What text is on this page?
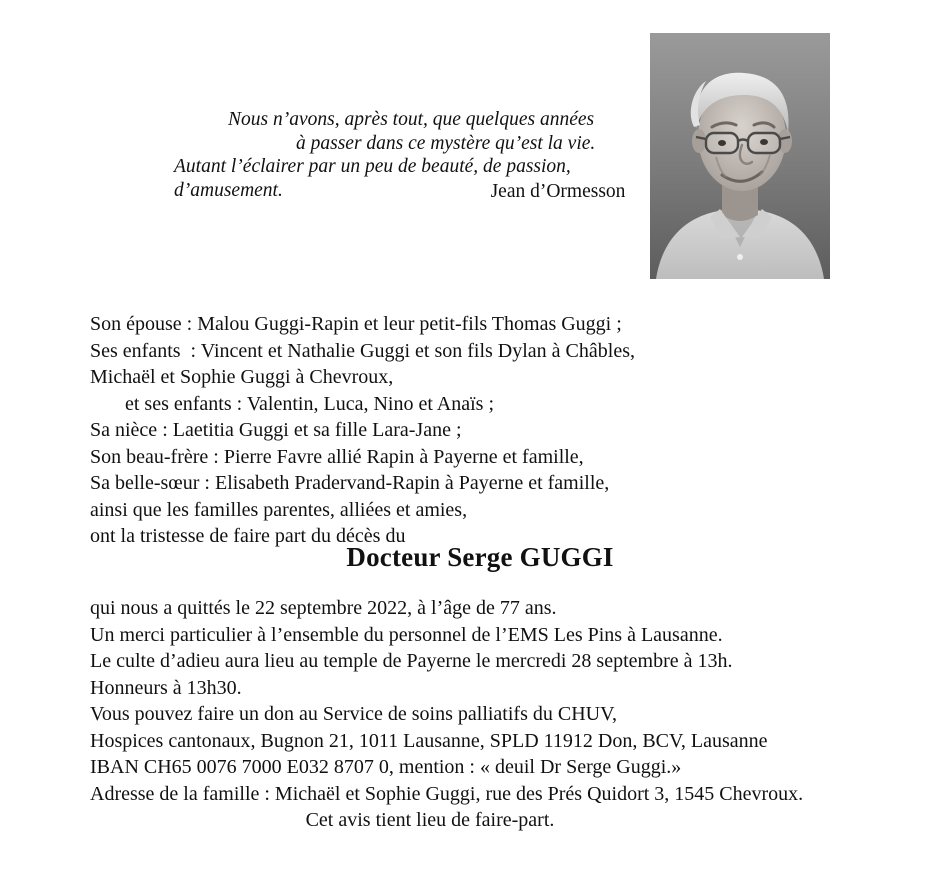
Nous n’avons, après tout, que quelques années
à passer dans ce mystère qu’est la vie.
Autant l’éclairer par un peu de beauté, de passion, d’amusement.	Jean d’Ormesson
Son épouse : Malou Guggi-Rapin et leur petit-fils Thomas Guggi ;
Ses enfants  : Vincent et Nathalie Guggi et son fils Dylan à Châbles,
Michaël et Sophie Guggi à Chevroux,
et ses enfants : Valentin, Luca, Nino et Anaïs ;
Sa nièce : Laetitia Guggi et sa fille Lara-Jane ;
Son beau-frère : Pierre Favre allié Rapin à Payerne et famille,
Sa belle-sœur : Elisabeth Pradervand-Rapin à Payerne et famille,
ainsi que les familles parentes, alliées et amies,
ont la tristesse de faire part du décès du
Docteur Serge GUGGI
qui nous a quittés le 22 septembre 2022, à l’âge de 77 ans.
Un merci particulier à l’ensemble du personnel de l’EMS Les Pins à Lausanne.
Le culte d’adieu aura lieu au temple de Payerne le mercredi 28 septembre à 13h.
Honneurs à 13h30.
Vous pouvez faire un don au Service de soins palliatifs du CHUV,
Hospices cantonaux, Bugnon 21, 1011 Lausanne, SPLD 11912 Don, BCV, Lausanne
IBAN CH65 0076 7000 E032 8707 0, mention : « deuil Dr Serge Guggi.»
Adresse de la famille : Michaël et Sophie Guggi, rue des Prés Quidort 3, 1545 Chevroux.
Cet avis tient lieu de faire-part.
